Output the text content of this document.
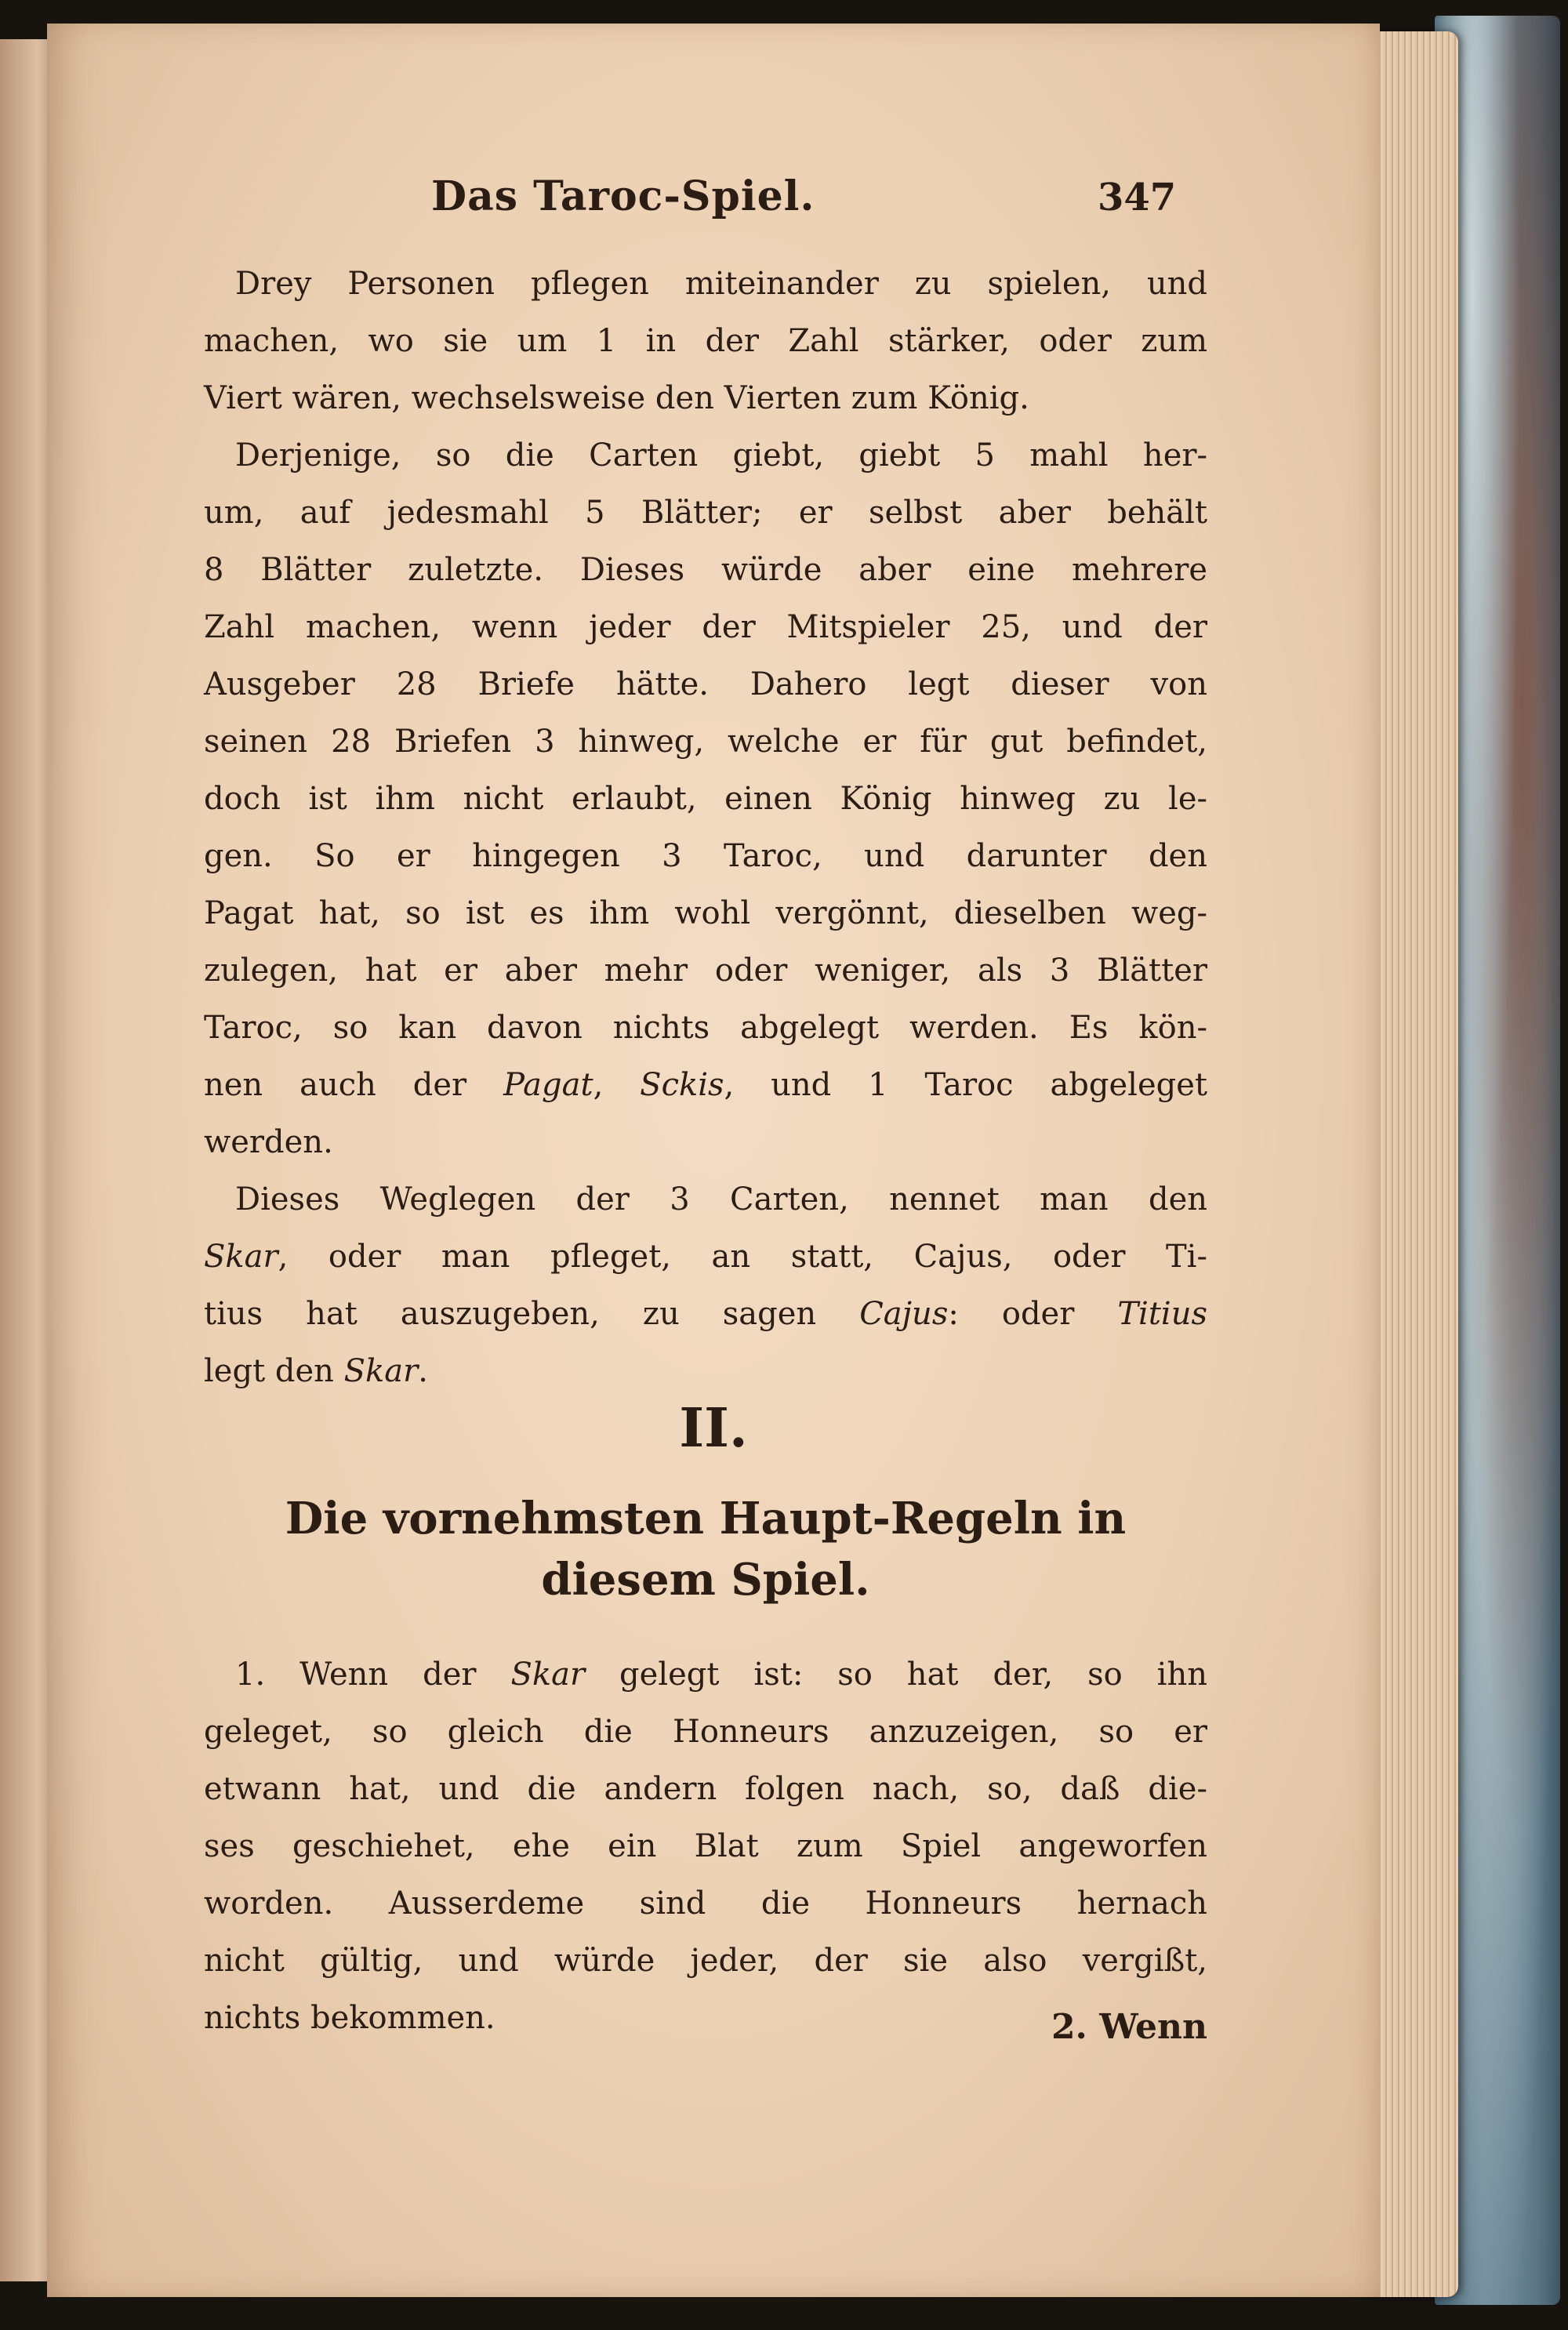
Das Taroc-Spiel.	347

Drey Personen pflegen miteinander zu spielen, und

machen, wo sie um 1 in der Zahl stärker, oder zum

Viert wären, wechselsweise den Vierten zum König.

Derjenige, so die Carten giebt, giebt 5 mahl her-

um, auf jedesmahl 5 Blätter; er selbst aber behält

8 Blätter zuletzte. Dieses würde aber eine mehrere

Zahl machen, wenn jeder der Mitspieler 25, und der

Ausgeber 28 Briefe hätte. Dahero legt dieser von

seinen 28 Briefen 3 hinweg, welche er für gut befindet,

doch ist ihm nicht erlaubt, einen König hinweg zu le-

gen. So er hingegen 3 Taroc, und darunter den

Pagat hat, so ist es ihm wohl vergönnt, dieselben weg-

zulegen, hat er aber mehr oder weniger, als 3 Blätter

Taroc, so kan davon nichts abgelegt werden. Es kön-

nen auch der Pagat, Sckis, und 1 Taroc abgeleget

werden.

Dieses Weglegen der 3 Carten, nennet man den

Skar, oder man pfleget, an statt, Cajus, oder Ti-

tius hat auszugeben, zu sagen Cajus: oder Titius

legt den Skar.

II.
Die vornehmsten Haupt-Regeln in
diesem Spiel.

1. Wenn der Skar gelegt ist: so hat der, so ihn

geleget, so gleich die Honneurs anzuzeigen, so er

etwann hat, und die andern folgen nach, so, daß die-

ses geschiehet, ehe ein Blat zum Spiel angeworfen

worden. Ausserdeme sind die Honneurs hernach

nicht gültig, und würde jeder, der sie also vergißt,

nichts bekommen.	2. Wenn
